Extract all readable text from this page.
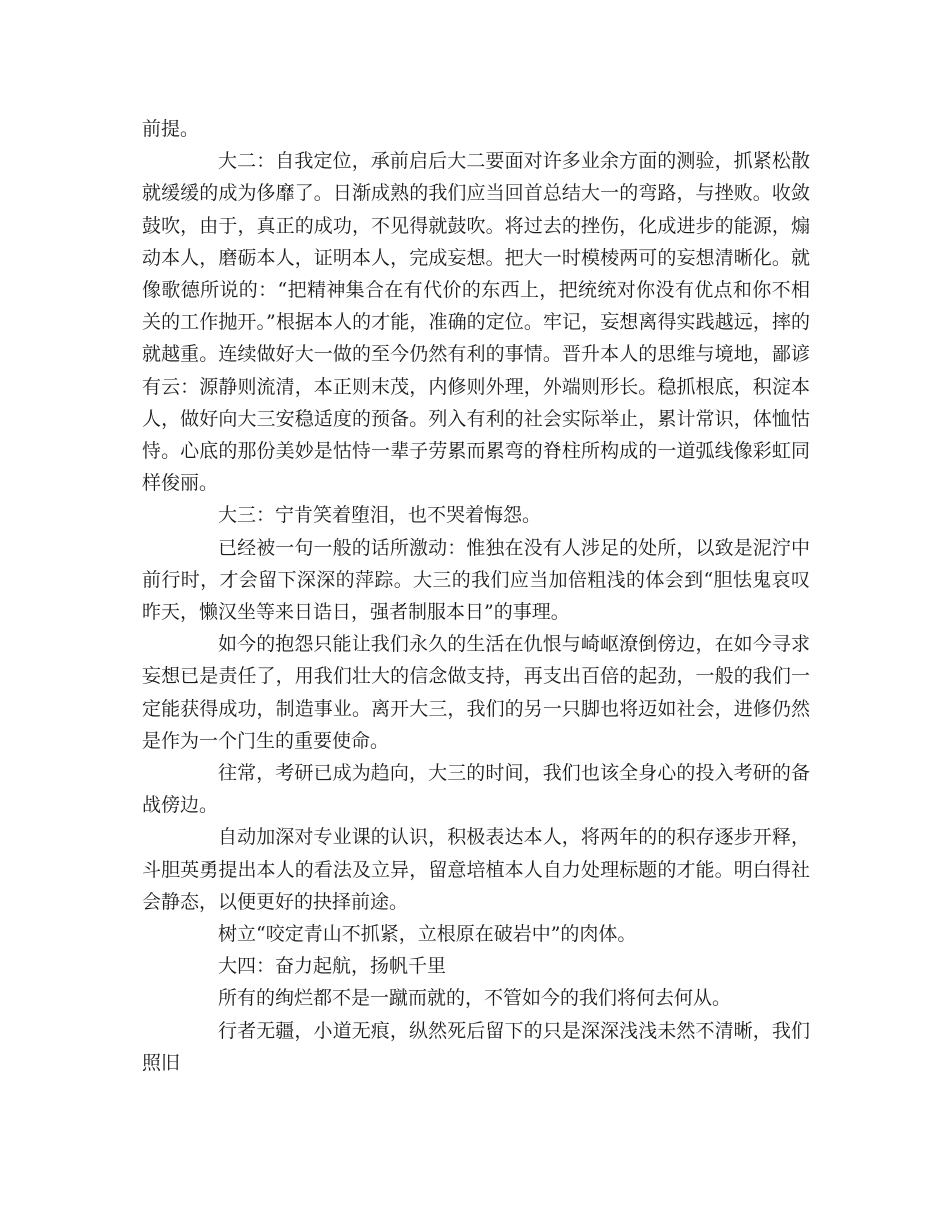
前提。

大二：自我定位，承前启后大二要面对许多业余方面的测验，抓紧松散就缓缓的成为侈靡了。日渐成熟的我们应当回首总结大一的弯路，与挫败。收敛鼓吹，由于，真正的成功，不见得就鼓吹。将过去的挫伤，化成进步的能源，煽动本人，磨砺本人，证明本人，完成妄想。把大一时模棱两可的妄想清晰化。就像歌德所说的：“把精神集合在有代价的东西上，把统统对你没有优点和你不相关的工作抛开。”根据本人的才能，准确的定位。牢记，妄想离得实践越远，摔的就越重。连续做好大一做的至今仍然有利的事情。晋升本人的思维与境地，鄙谚有云：源静则流清，本正则末茂，内修则外理，外端则形长。稳抓根底，积淀本人，做好向大三安稳适度的预备。列入有利的社会实际举止，累计常识，体恤怙恃。心底的那份美妙是怙恃一辈子劳累而累弯的脊柱所构成的一道弧线像彩虹同样俊丽。

大三：宁肯笑着堕泪，也不哭着悔怨。

已经被一句一般的话所激动：惟独在没有人涉足的处所，以致是泥泞中前行时，才会留下深深的萍踪。大三的我们应当加倍粗浅的体会到“胆怯鬼哀叹昨天，懒汉坐等来日诰日，强者制服本日”的事理。

如今的抱怨只能让我们永久的生活在仇恨与崎岖潦倒傍边，在如今寻求妄想已是责任了，用我们壮大的信念做支持，再支出百倍的起劲，一般的我们一定能获得成功，制造事业。离开大三，我们的另一只脚也将迈如社会，进修仍然是作为一个门生的重要使命。

往常，考研已成为趋向，大三的时间，我们也该全身心的投入考研的备战傍边。

自动加深对专业课的认识，积极表达本人，将两年的的积存逐步开释，斗胆英勇提出本人的看法及立异，留意培植本人自力处理标题的才能。明白得社会静态，以便更好的抉择前途。

树立“咬定青山不抓紧，立根原在破岩中”的肉体。

大四：奋力起航，扬帆千里

所有的绚烂都不是一蹴而就的，不管如今的我们将何去何从。

行者无疆，小道无痕，纵然死后留下的只是深深浅浅未然不清晰，我们照旧
